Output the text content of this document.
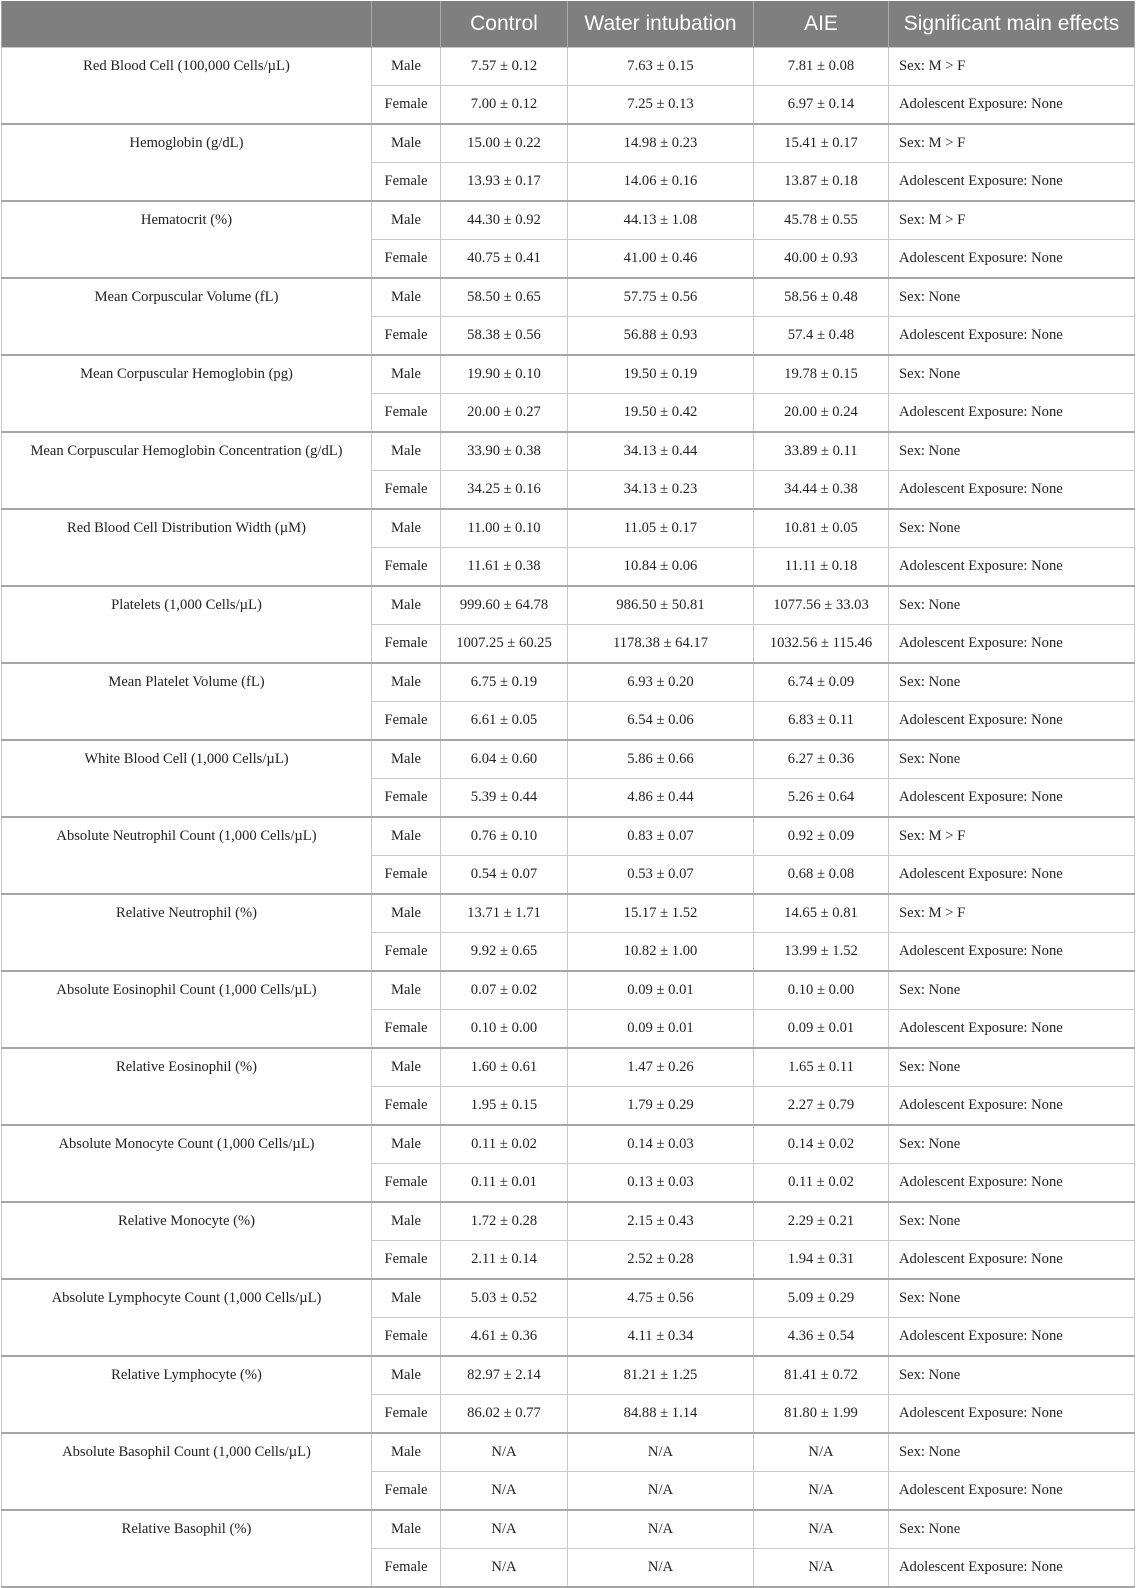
		Control	Water intubation	AIE	Significant main effects
Red Blood Cell (100,000 Cells/µL)	Male	7.57 ± 0.12	7.63 ± 0.15	7.81 ± 0.08	Sex: M > F
	Female	7.00 ± 0.12	7.25 ± 0.13	6.97 ± 0.14	Adolescent Exposure: None
Hemoglobin (g/dL)	Male	15.00 ± 0.22	14.98 ± 0.23	15.41 ± 0.17	Sex: M > F
	Female	13.93 ± 0.17	14.06 ± 0.16	13.87 ± 0.18	Adolescent Exposure: None
Hematocrit (%)	Male	44.30 ± 0.92	44.13 ± 1.08	45.78 ± 0.55	Sex: M > F
	Female	40.75 ± 0.41	41.00 ± 0.46	40.00 ± 0.93	Adolescent Exposure: None
Mean Corpuscular Volume (fL)	Male	58.50 ± 0.65	57.75 ± 0.56	58.56 ± 0.48	Sex: None
	Female	58.38 ± 0.56	56.88 ± 0.93	57.4 ± 0.48	Adolescent Exposure: None
Mean Corpuscular Hemoglobin (pg)	Male	19.90 ± 0.10	19.50 ± 0.19	19.78 ± 0.15	Sex: None
	Female	20.00 ± 0.27	19.50 ± 0.42	20.00 ± 0.24	Adolescent Exposure: None
Mean Corpuscular Hemoglobin Concentration (g/dL)	Male	33.90 ± 0.38	34.13 ± 0.44	33.89 ± 0.11	Sex: None
	Female	34.25 ± 0.16	34.13 ± 0.23	34.44 ± 0.38	Adolescent Exposure: None
Red Blood Cell Distribution Width (µM)	Male	11.00 ± 0.10	11.05 ± 0.17	10.81 ± 0.05	Sex: None
	Female	11.61 ± 0.38	10.84 ± 0.06	11.11 ± 0.18	Adolescent Exposure: None
Platelets (1,000 Cells/µL)	Male	999.60 ± 64.78	986.50 ± 50.81	1077.56 ± 33.03	Sex: None
	Female	1007.25 ± 60.25	1178.38 ± 64.17	1032.56 ± 115.46	Adolescent Exposure: None
Mean Platelet Volume (fL)	Male	6.75 ± 0.19	6.93 ± 0.20	6.74 ± 0.09	Sex: None
	Female	6.61 ± 0.05	6.54 ± 0.06	6.83 ± 0.11	Adolescent Exposure: None
White Blood Cell (1,000 Cells/µL)	Male	6.04 ± 0.60	5.86 ± 0.66	6.27 ± 0.36	Sex: None
	Female	5.39 ± 0.44	4.86 ± 0.44	5.26 ± 0.64	Adolescent Exposure: None
Absolute Neutrophil Count (1,000 Cells/µL)	Male	0.76 ± 0.10	0.83 ± 0.07	0.92 ± 0.09	Sex: M > F
	Female	0.54 ± 0.07	0.53 ± 0.07	0.68 ± 0.08	Adolescent Exposure: None
Relative Neutrophil (%)	Male	13.71 ± 1.71	15.17 ± 1.52	14.65 ± 0.81	Sex: M > F
	Female	9.92 ± 0.65	10.82 ± 1.00	13.99 ± 1.52	Adolescent Exposure: None
Absolute Eosinophil Count (1,000 Cells/µL)	Male	0.07 ± 0.02	0.09 ± 0.01	0.10 ± 0.00	Sex: None
	Female	0.10 ± 0.00	0.09 ± 0.01	0.09 ± 0.01	Adolescent Exposure: None
Relative Eosinophil (%)	Male	1.60 ± 0.61	1.47 ± 0.26	1.65 ± 0.11	Sex: None
	Female	1.95 ± 0.15	1.79 ± 0.29	2.27 ± 0.79	Adolescent Exposure: None
Absolute Monocyte Count (1,000 Cells/µL)	Male	0.11 ± 0.02	0.14 ± 0.03	0.14 ± 0.02	Sex: None
	Female	0.11 ± 0.01	0.13 ± 0.03	0.11 ± 0.02	Adolescent Exposure: None
Relative Monocyte (%)	Male	1.72 ± 0.28	2.15 ± 0.43	2.29 ± 0.21	Sex: None
	Female	2.11 ± 0.14	2.52 ± 0.28	1.94 ± 0.31	Adolescent Exposure: None
Absolute Lymphocyte Count (1,000 Cells/µL)	Male	5.03 ± 0.52	4.75 ± 0.56	5.09 ± 0.29	Sex: None
	Female	4.61 ± 0.36	4.11 ± 0.34	4.36 ± 0.54	Adolescent Exposure: None
Relative Lymphocyte (%)	Male	82.97 ± 2.14	81.21 ± 1.25	81.41 ± 0.72	Sex: None
	Female	86.02 ± 0.77	84.88 ± 1.14	81.80 ± 1.99	Adolescent Exposure: None
Absolute Basophil Count (1,000 Cells/µL)	Male	N/A	N/A	N/A	Sex: None
	Female	N/A	N/A	N/A	Adolescent Exposure: None
Relative Basophil (%)	Male	N/A	N/A	N/A	Sex: None
	Female	N/A	N/A	N/A	Adolescent Exposure: None
